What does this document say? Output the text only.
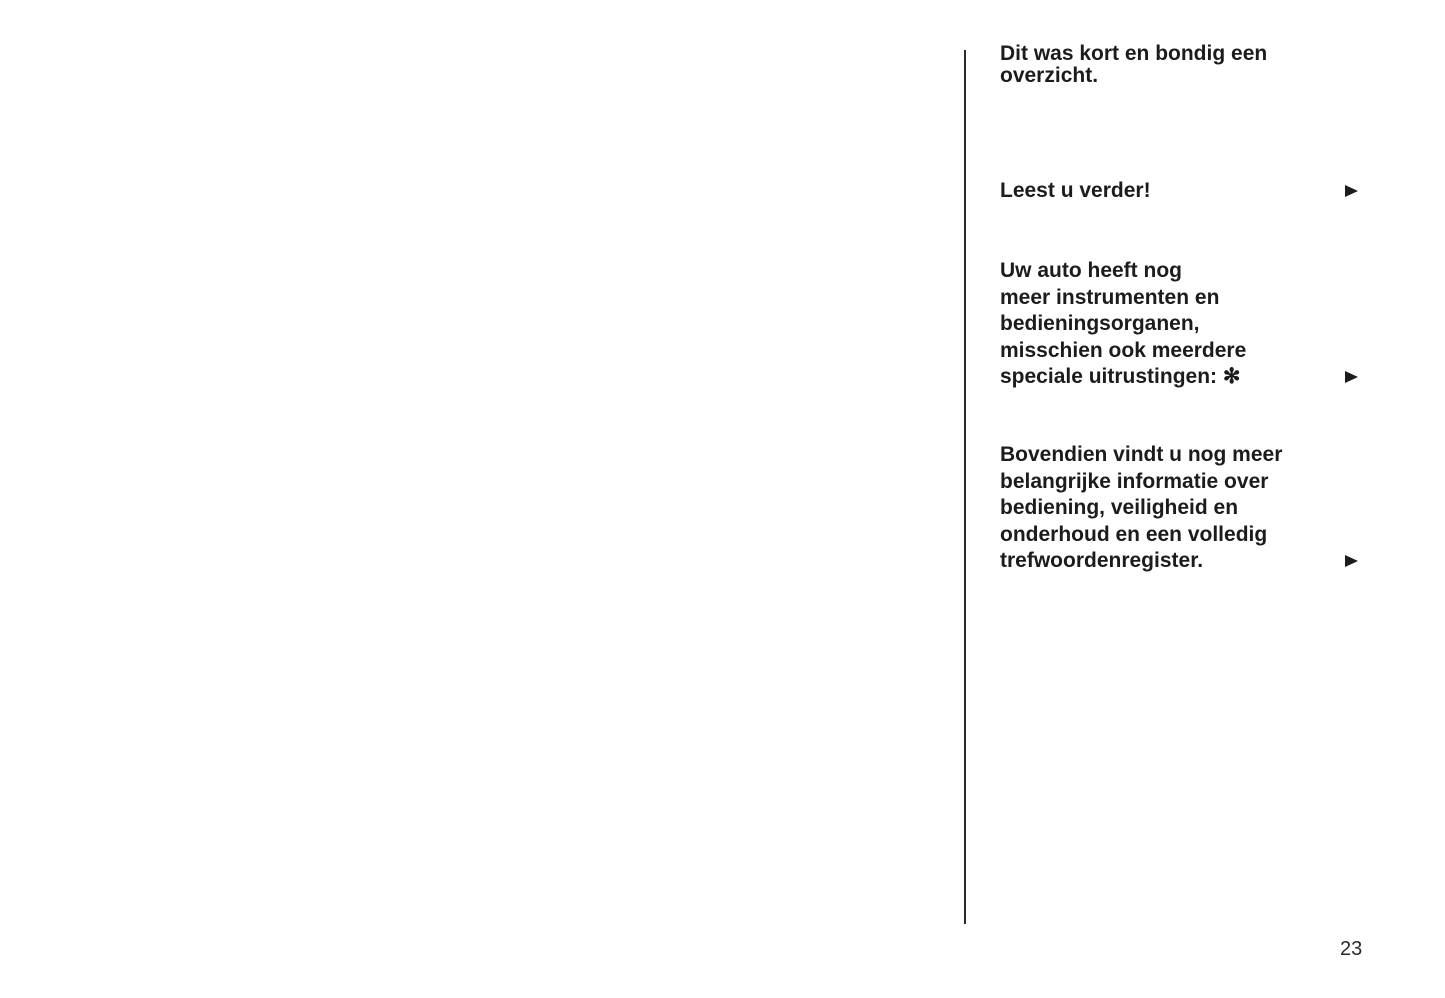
Dit was kort en bondig een
overzicht.

Leest u verder!

Uw auto heeft nog
meer instrumenten en
bedieningsorganen,
misschien ook meerdere
speciale uitrustingen: ✻

Bovendien vindt u nog meer
belangrijke informatie over
bediening, veiligheid en
onderhoud en een volledig
trefwoordenregister.

23
